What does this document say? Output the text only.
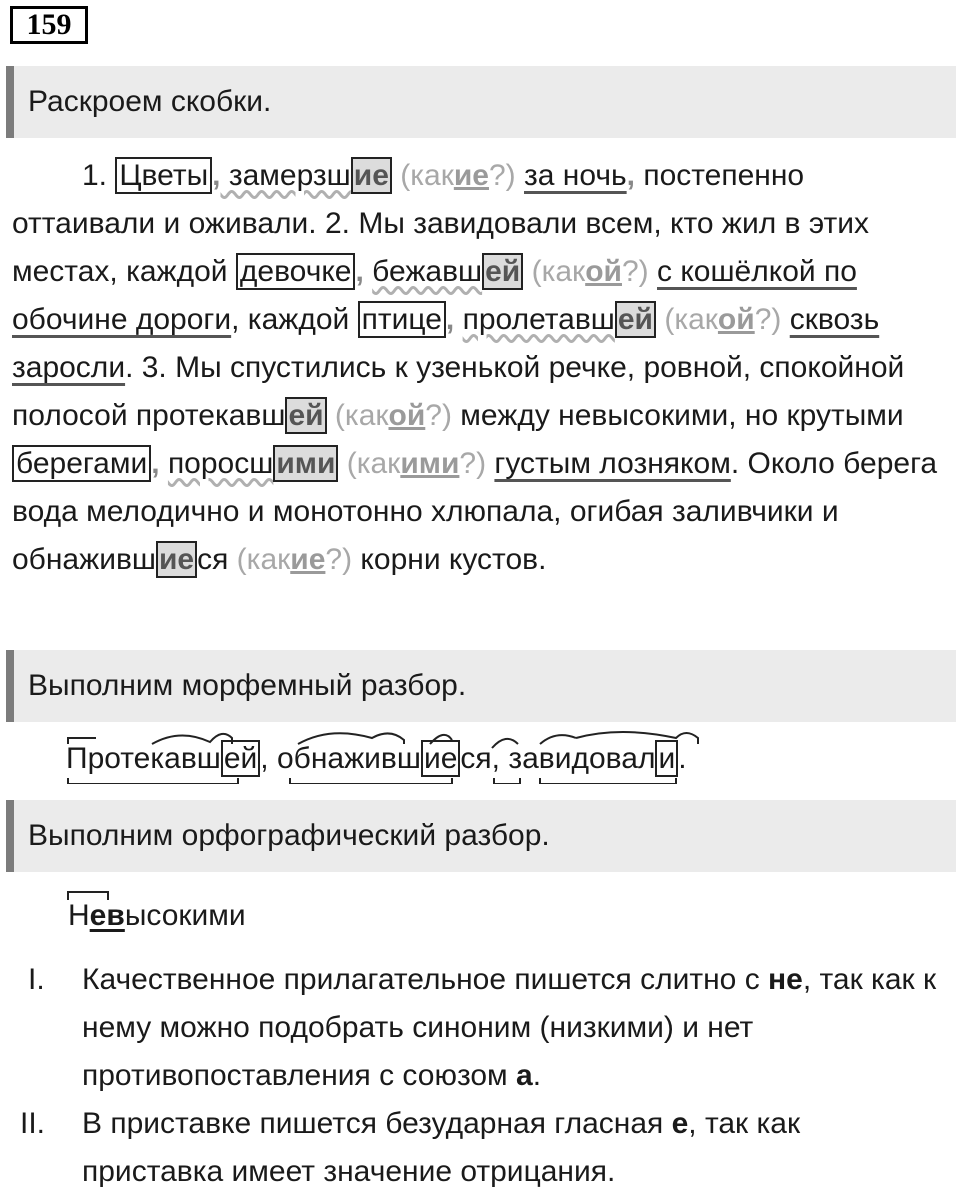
159
Раскроем скобки.

1. Цветы , замерзш ие (какие?) за ночь, постепенно оттаивали и оживали. 2. Мы завидовали всем, кто жил в этих местах, каждой девочке , бежавш ей (какой?) с кошёлкой по обочине дороги, каждой птице , пролетавш ей (какой?) сквозь заросли. 3. Мы спустились к узенькой речке, ровной, спокойной полосой протекавш ей (какой?) между невысокими, но крутыми берегами , поросш ими (какими?) густым лозняком. Около берега вода мелодично и монотонно хлюпала, огибая заливчики и обнаживш ие ся (какие?) корни кустов.

Выполним морфемный разбор.
Протекавш ей , обнаживш ие ся, завидовал и .
Выполним орфографический разбор.
Невысокими
I. Качественное прилагательное пишется слитно с не, так как к нему можно подобрать синоним (низкими) и нет противопоставления с союзом а.
II. В приставке пишется безударная гласная е, так как приставка имеет значение отрицания.
